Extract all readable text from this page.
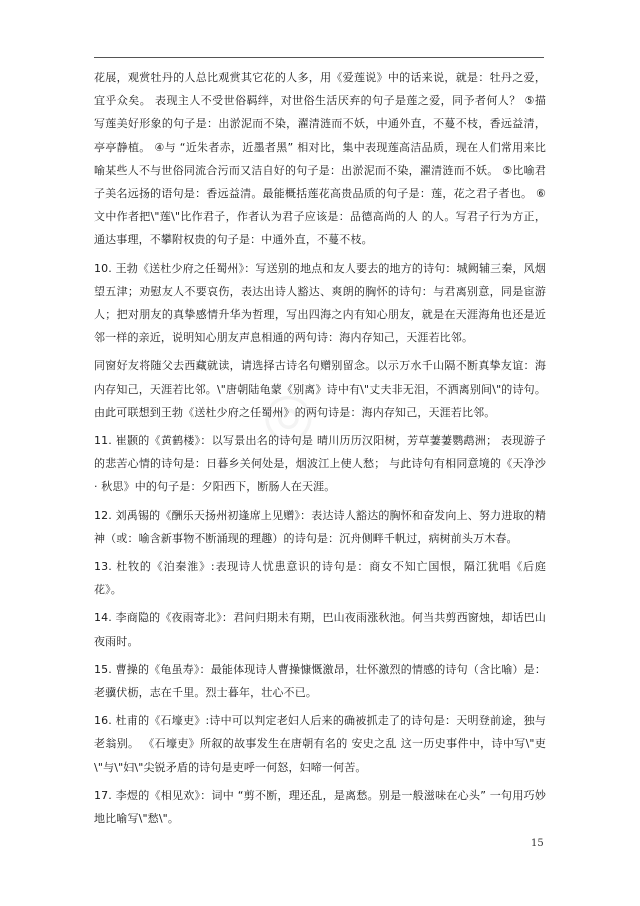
花展，观赏牡丹的人总比观赏其它花的人多，用《爱莲说》中的话来说，就是：牡丹之爱，宜乎众矣。 表现主人不受世俗羁绊，对世俗生活厌弃的句子是莲之爱，同予者何人？ ⑤描写莲美好形象的句子是：出淤泥而不染，濯清涟而不妖，中通外直，不蔓不枝，香远益清，亭亭静植。 ④与 “近朱者赤，近墨者黑” 相对比，集中表现莲高洁品质，现在人们常用来比喻某些人不与世俗同流合污而又洁自好的句子是：出淤泥而不染，濯清涟而不妖。 ⑤比喻君子美名远扬的语句是：香远益清。最能概括莲花高贵品质的句子是：莲，花之君子者也。 ⑥文中作者把\"莲\"比作君子，作者认为君子应该是：品德高尚的人 的人。写君子行为方正，通达事理，不攀附权贵的句子是：中通外直，不蔓不枝。

10. 王勃《送杜少府之任蜀州》：写送别的地点和友人要去的地方的诗句：城阙辅三秦，风烟望五津；劝慰友人不要哀伤，表达出诗人豁达、爽朗的胸怀的诗句：与君离别意，同是宦游人；把对朋友的真挚感情升华为哲理，写出四海之内有知心朋友，就是在天涯海角也还是近邻一样的亲近，说明知心朋友声息相通的两句诗：海内存知己，天涯若比邻。

同窗好友将随父去西藏就读，请选择古诗名句赠别留念。以示万水千山隔不断真挚友谊：海内存知己，天涯若比邻。\"唐朝陆龟蒙《别离》诗中有\"丈夫非无泪，不洒离别间\"的诗句。由此可联想到王勃《送杜少府之任蜀州》的两句诗是：海内存知己，天涯若比邻。

11. 崔颢的《黄鹤楼》：以写景出名的诗句是 晴川历历汉阳树，芳草萋萋鹦鹉洲； 表现游子的悲苦心情的诗句是：日暮乡关何处是，烟波江上使人愁； 与此诗句有相同意境的《天净沙 · 秋思》中的句子是：夕阳西下，断肠人在天涯。

12. 刘禹锡的《酬乐天扬州初逢席上见赠》：表达诗人豁达的胸怀和奋发向上、努力进取的精神（或：喻含新事物不断涌现的理趣）的诗句是：沉舟侧畔千帆过，病树前头万木春。

13. 杜牧的《泊秦淮》:表现诗人忧患意识的诗句是：商女不知亡国恨，隔江犹唱《后庭花》。

14. 李商隐的《夜雨寄北》：君问归期未有期，巴山夜雨涨秋池。何当共剪西窗烛，却话巴山夜雨时。

15. 曹操的《龟虽寿》：最能体现诗人曹操慷慨激昂，壮怀激烈的情感的诗句（含比喻）是：老骥伏枥，志在千里。烈士暮年，壮心不已。

16. 杜甫的《石壕吏》:诗中可以判定老妇人后来的确被抓走了的诗句是：天明登前途，独与老翁别。 《石壕吏》所叙的故事发生在唐朝有名的 安史之乱 这一历史事件中，诗中写\"吏\"与\"妇\"尖锐矛盾的诗句是吏呼一何怒，妇啼一何苦。

17. 李煜的《相见欢》：词中 “剪不断，理还乱，是离愁。别是一般滋味在心头” 一句用巧妙地比喻写\"愁\"。

15
